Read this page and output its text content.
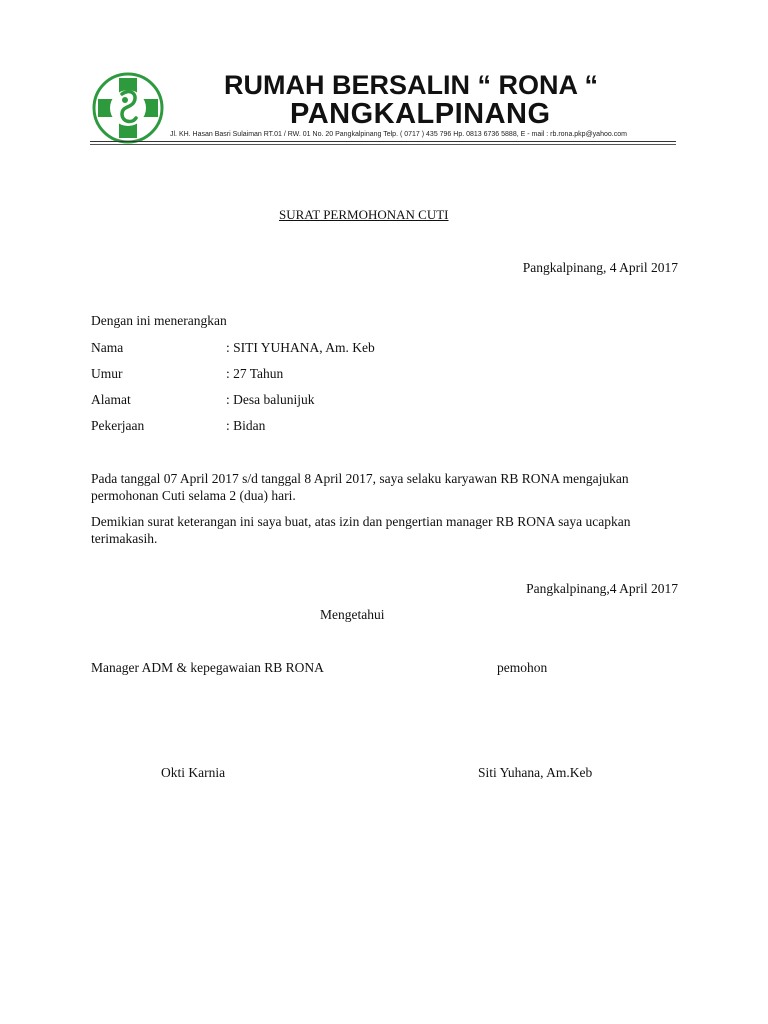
RUMAH BERSALIN “ RONA “
PANGKALPINANG
Jl. KH. Hasan Basri Sulaiman RT.01 / RW. 01 No. 20 Pangkalpinang Telp. ( 0717 ) 435 796 Hp. 0813 6736 5888, E - mail : rb.rona.pkp@yahoo.com
SURAT PERMOHONAN CUTI
Pangkalpinang, 4 April 2017
Dengan ini menerangkan
Nama	: SITI YUHANA, Am. Keb
Umur	: 27 Tahun
Alamat	: Desa balunijuk
Pekerjaan	: Bidan
Pada tanggal 07 April 2017 s/d tanggal 8 April 2017, saya selaku karyawan RB RONA mengajukan permohonan Cuti selama 2 (dua) hari.
Demikian surat keterangan ini saya buat, atas izin dan pengertian manager RB RONA saya ucapkan terimakasih.
Pangkalpinang,4 April 2017
Mengetahui
Manager ADM & kepegawaian RB RONA	pemohon
Okti Karnia	Siti Yuhana, Am.Keb
